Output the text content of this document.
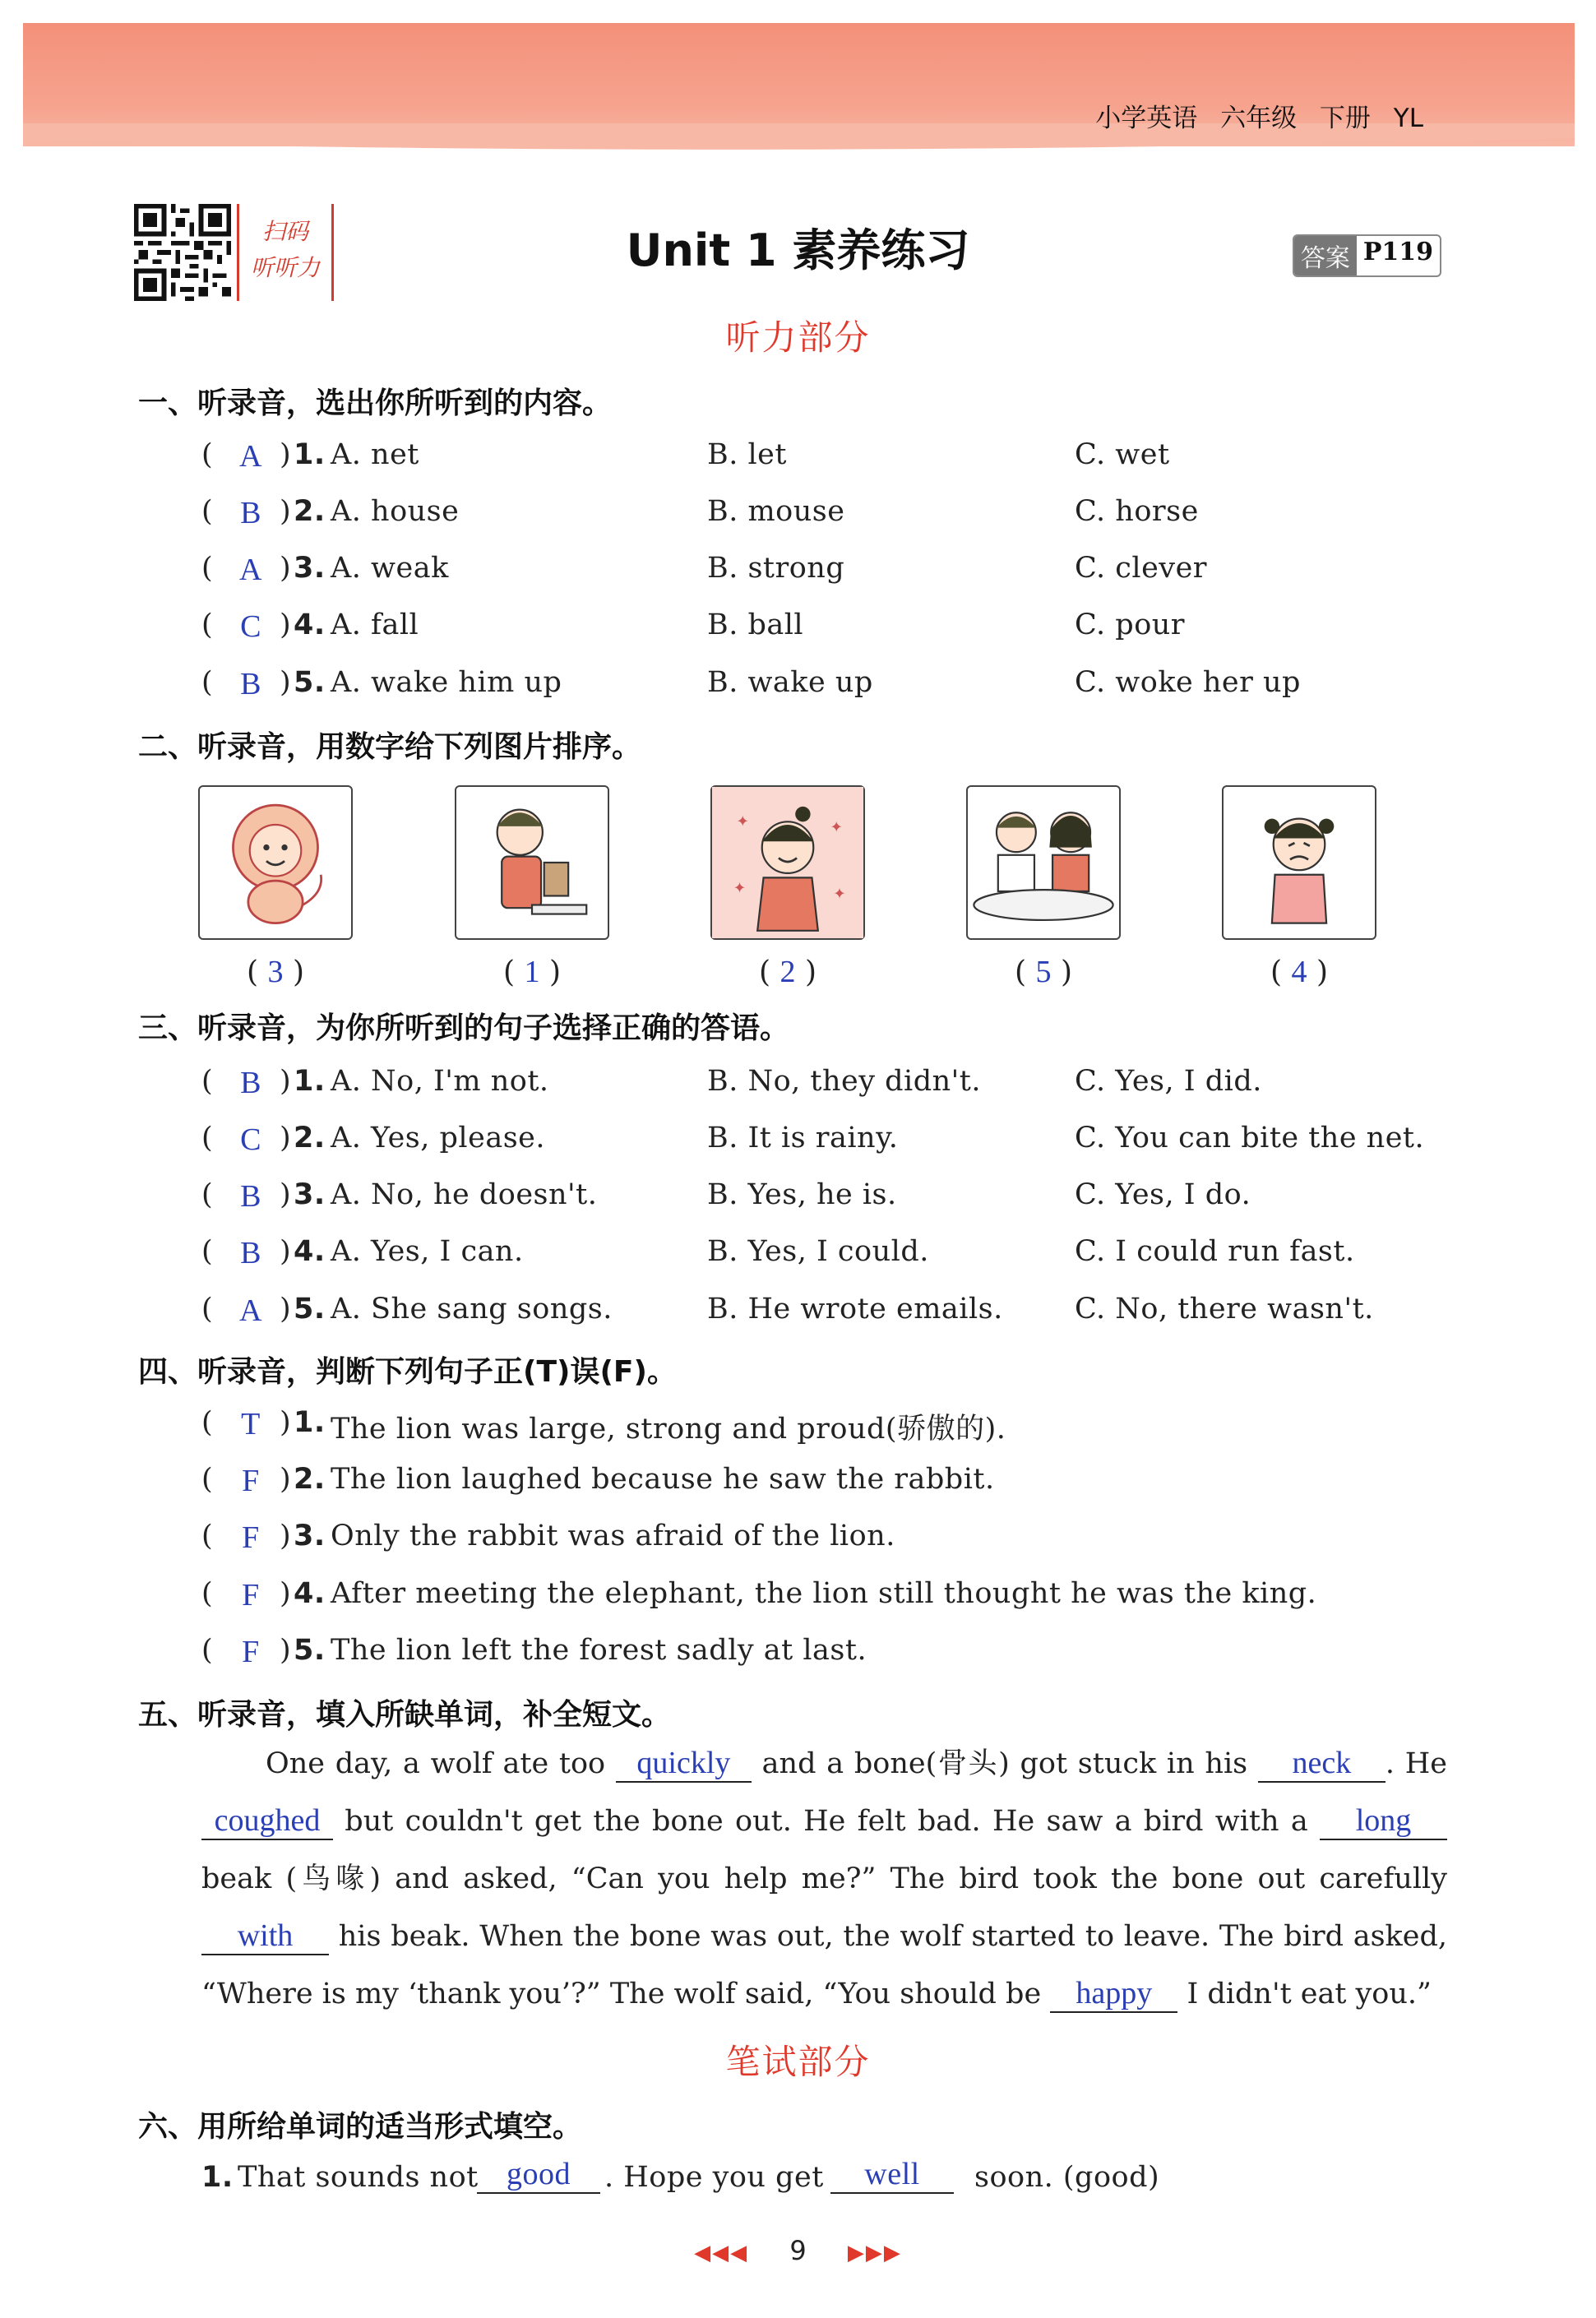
小学英语 六年级 下册 YL
扫码
听听力	Unit 1 素养练习	答案 P119
听力部分
一、听录音，选出你所听到的内容。
( A ) 1. A. net	B. let	C. wet
( B ) 2. A. house	B. mouse	C. horse
( A ) 3. A. weak	B. strong	C. clever
( C ) 4. A. fall	B. ball	C. pour
( B ) 5. A. wake him up	B. wake up	C. woke her up
二、听录音，用数字给下列图片排序。
✦	✦
✦	✦
( 3 )	( 1 )	( 2 )	( 5 )	( 4 )
三、听录音，为你所听到的句子选择正确的答语。
( B ) 1. A. No, I'm not.	B. No, they didn't.	C. Yes, I did.
( C ) 2. A. Yes, please.	B. It is rainy.	C. You can bite the net.
( B ) 3. A. No, he doesn't.	B. Yes, he is.	C. Yes, I do.
( B ) 4. A. Yes, I can.	B. Yes, I could.	C. I could run fast.
( A ) 5. A. She sang songs.	B. He wrote emails. C. No, there wasn't.
四、听录音，判断下列句子正(T)误(F)。
( T ) 1. The lion was large, strong and proud(骄傲的).
( F ) 2. The lion laughed because he saw the rabbit.
( F ) 3. Only the rabbit was afraid of the lion.
( F ) 4. After meeting the elephant, the lion still thought he was the king.
( F ) 5. The lion left the forest sadly at last.
五、听录音，填入所缺单词，补全短文。
One day, a wolf ate too quickly and a bone(骨头) got stuck in his neck . He coughed but couldn't get the bone out. He felt bad. He saw a bird with a long beak (鸟喙) and asked, “Can you help me?” The bird took the bone out carefully with his beak. When the bone was out, the wolf started to leave. The bird asked, “Where is my ‘thank you’?” The wolf said, “You should be happy I didn't eat you.”
笔试部分
六、用所给单词的适当形式填空。
1. That sounds not good	. Hope you get	well	soon. (good)
◀◀◀ 9 ▶▶▶
